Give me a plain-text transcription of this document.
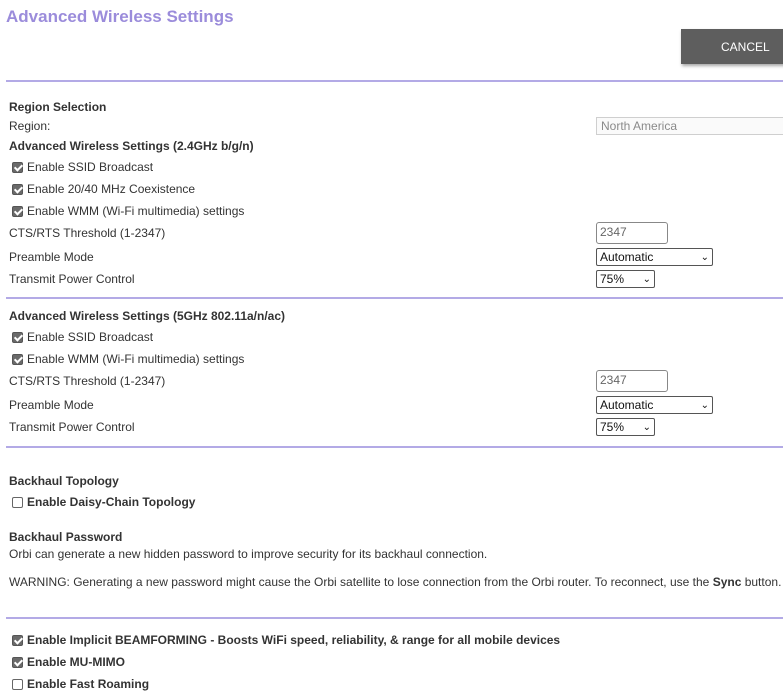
Advanced Wireless Settings
CANCEL
Region Selection
Region:	North America
Advanced Wireless Settings (2.4GHz b/g/n)
Enable SSID Broadcast
Enable 20/40 MHz Coexistence
Enable WMM (Wi-Fi multimedia) settings
CTS/RTS Threshold (1-2347)	2347
Preamble Mode	Automatic	⌄
Transmit Power Control	75% ⌄
Advanced Wireless Settings (5GHz 802.11a/n/ac)
Enable SSID Broadcast
Enable WMM (Wi-Fi multimedia) settings
CTS/RTS Threshold (1-2347)	2347
Preamble Mode	Automatic	⌄
Transmit Power Control	75% ⌄
Backhaul Topology
Enable Daisy-Chain Topology
Backhaul Password
Orbi can generate a new hidden password to improve security for its backhaul connection.
WARNING: Generating a new password might cause the Orbi satellite to lose connection from the Orbi router. To reconnect, use the Sync button.
Enable Implicit BEAMFORMING - Boosts WiFi speed, reliability, & range for all mobile devices
Enable MU-MIMO
Enable Fast Roaming
